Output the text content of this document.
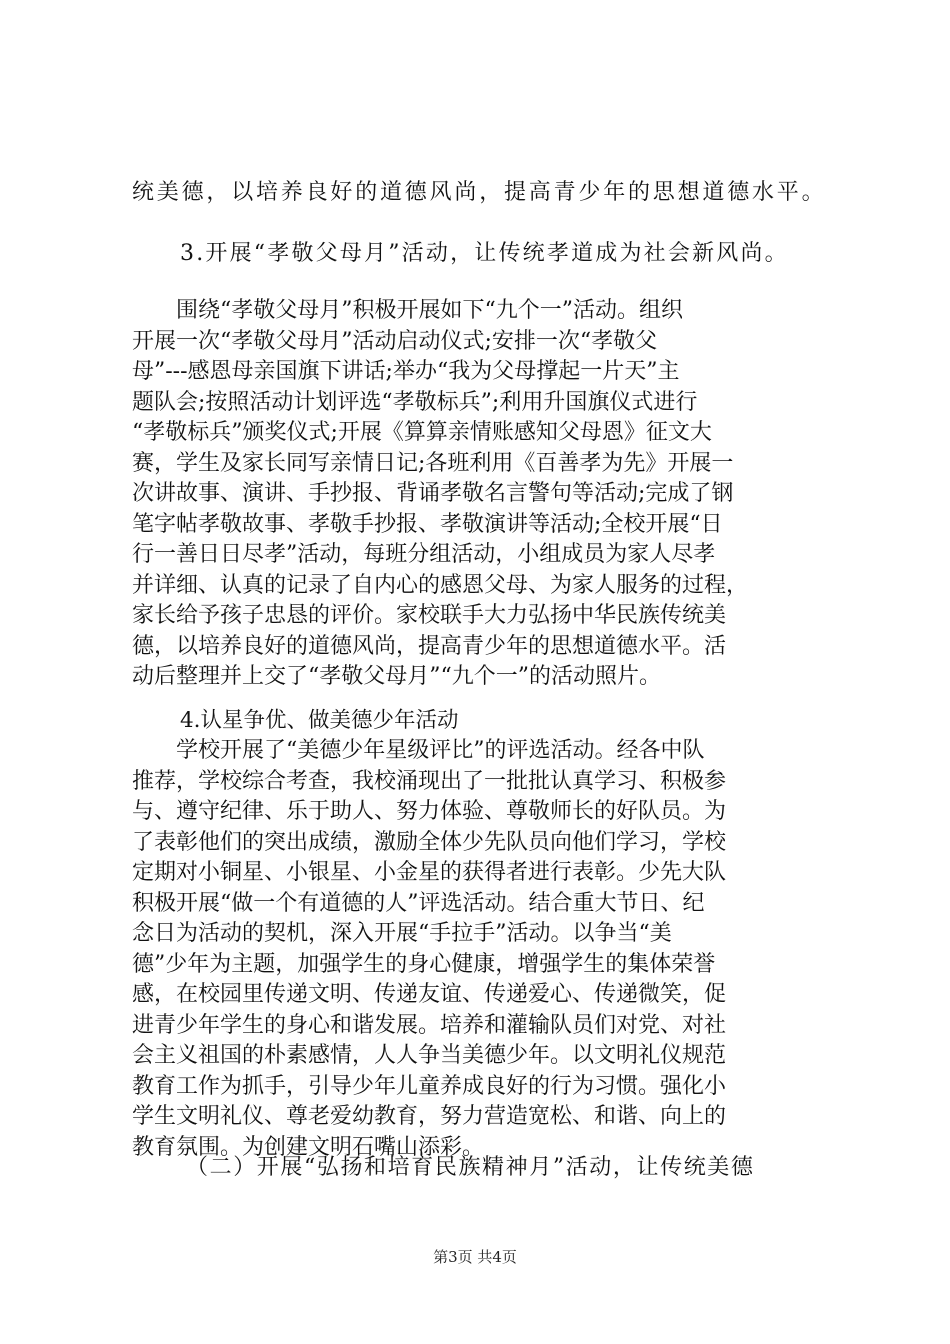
统美德，以培养良好的道德风尚，提高青少年的思想道德水平。
3.开展“孝敬父母月”活动，让传统孝道成为社会新风尚。
　　围绕“孝敬父母月”积极开展如下“九个一”活动。组织
开展一次“孝敬父母月”活动启动仪式;安排一次“孝敬父
母”---感恩母亲国旗下讲话;举办“我为父母撑起一片天”主
题队会;按照活动计划评选“孝敬标兵”;利用升国旗仪式进行
“孝敬标兵”颁奖仪式;开展《算算亲情账感知父母恩》征文大
赛，学生及家长同写亲情日记;各班利用《百善孝为先》开展一
次讲故事、演讲、手抄报、背诵孝敬名言警句等活动;完成了钢
笔字帖孝敬故事、孝敬手抄报、孝敬演讲等活动;全校开展“日
行一善日日尽孝”活动，每班分组活动，小组成员为家人尽孝
并详细、认真的记录了自内心的感恩父母、为家人服务的过程，
家长给予孩子忠恳的评价。家校联手大力弘扬中华民族传统美
德，以培养良好的道德风尚，提高青少年的思想道德水平。活
动后整理并上交了“孝敬父母月”“九个一”的活动照片。
4.认星争优、做美德少年活动
　　学校开展了“美德少年星级评比”的评选活动。经各中队
推荐，学校综合考查，我校涌现出了一批批认真学习、积极参
与、遵守纪律、乐于助人、努力体验、尊敬师长的好队员。为
了表彰他们的突出成绩，激励全体少先队员向他们学习，学校
定期对小铜星、小银星、小金星的获得者进行表彰。少先大队
积极开展“做一个有道德的人”评选活动。结合重大节日、纪
念日为活动的契机，深入开展“手拉手”活动。以争当“美
德”少年为主题，加强学生的身心健康，增强学生的集体荣誉
感，在校园里传递文明、传递友谊、传递爱心、传递微笑，促
进青少年学生的身心和谐发展。培养和灌输队员们对党、对社
会主义祖国的朴素感情，人人争当美德少年。以文明礼仪规范
教育工作为抓手，引导少年儿童养成良好的行为习惯。强化小
学生文明礼仪、尊老爱幼教育，努力营造宽松、和谐、向上的
教育氛围。为创建文明石嘴山添彩。
（二）开展“弘扬和培育民族精神月”活动，让传统美德
第3页 共4页
